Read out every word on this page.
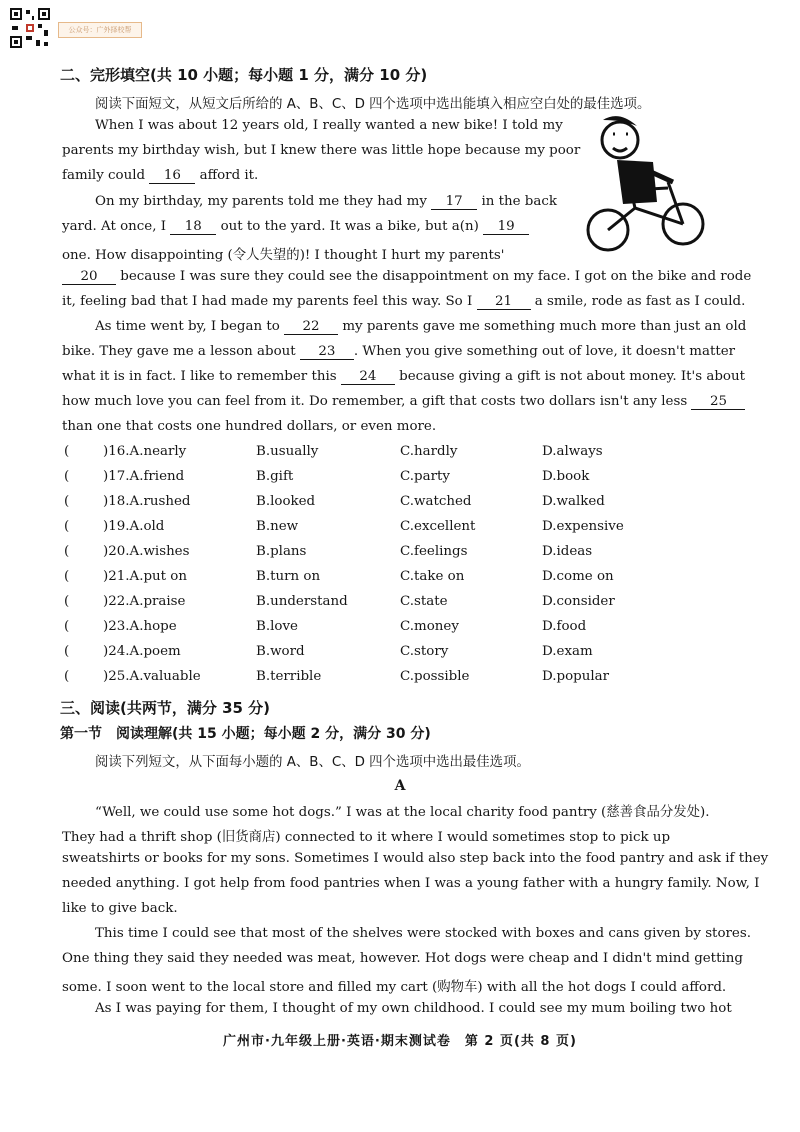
公众号：广外择校帮
二、完形填空(共 10 小题；每小题 1 分，满分 10 分)
阅读下面短文，从短文后所给的 A、B、C、D 四个选项中选出能填入相应空白处的最佳选项。
When I was about 12 years old, I really wanted a new bike! I told my
parents my birthday wish, but I knew there was little hope because my poor
family could 16 afford it.
On my birthday, my parents told me they had my 17 in the back
yard. At once, I 18 out to the yard. It was a bike, but a(n) 19
one. How disappointing (令人失望的)! I thought I hurt my parents'
20 because I was sure they could see the disappointment on my face. I got on the bike and rode
it, feeling bad that I had made my parents feel this way. So I 21 a smile, rode as fast as I could.
As time went by, I began to 22 my parents gave me something much more than just an old
bike. They gave me a lesson about 23 . When you give something out of love, it doesn't matter
what it is in fact. I like to remember this 24 because giving a gift is not about money. It's about
how much love you can feel from it. Do remember, a gift that costs two dollars isn't any less 25
than one that costs one hundred dollars, or even more.
(	)16.A.nearly	B.usually	C.hardly	D.always
(	)17.A.friend	B.gift	C.party	D.book
(	)18.A.rushed	B.looked	C.watched	D.walked
(	)19.A.old	B.new	C.excellent	D.expensive
(	)20.A.wishes	B.plans	C.feelings	D.ideas
(	)21.A.put on	B.turn on	C.take on	D.come on
(	)22.A.praise	B.understand	C.state	D.consider
(	)23.A.hope	B.love	C.money	D.food
(	)24.A.poem	B.word	C.story	D.exam
(	)25.A.valuable	B.terrible	C.possible	D.popular
三、阅读(共两节，满分 35 分)
第一节　阅读理解(共 15 小题；每小题 2 分，满分 30 分)
阅读下列短文，从下面每小题的 A、B、C、D 四个选项中选出最佳选项。
A
“Well, we could use some hot dogs.” I was at the local charity food pantry (慈善食品分发处).
They had a thrift shop (旧货商店) connected to it where I would sometimes stop to pick up
sweatshirts or books for my sons. Sometimes I would also step back into the food pantry and ask if they
needed anything. I got help from food pantries when I was a young father with a hungry family. Now, I
like to give back.
This time I could see that most of the shelves were stocked with boxes and cans given by stores.
One thing they said they needed was meat, however. Hot dogs were cheap and I didn't mind getting
some. I soon went to the local store and filled my cart (购物车) with all the hot dogs I could afford.
As I was paying for them, I thought of my own childhood. I could see my mum boiling two hot
广州市·九年级上册·英语·期末测试卷　第 2 页(共 8 页)
